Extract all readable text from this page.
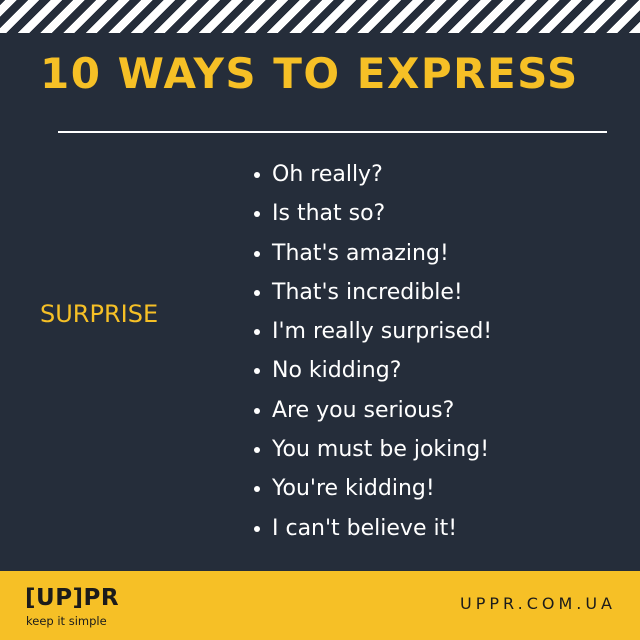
10 WAYS TO EXPRESS
SURPRISE
Oh really?
Is that so?
That's amazing!
That's incredible!
I'm really surprised!
No kidding?
Are you serious?
You must be joking!
You're kidding!
I can't believe it!
[UP]PR
keep it simple
UPPR.COM.UA
